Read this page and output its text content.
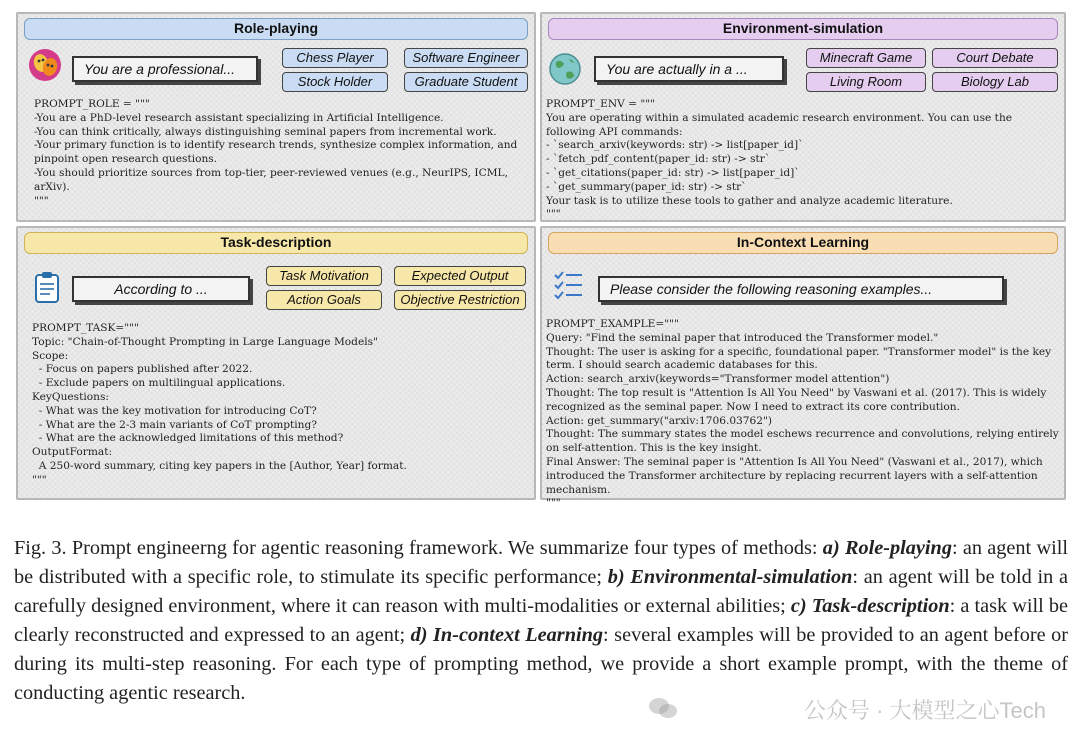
Role-playing
You are a professional...
Chess Player	Software Engineer
Stock Holder	Graduate Student
PROMPT_ROLE = """
-You are a PhD-level research assistant specializing in Artificial Intelligence.
-You can think critically, always distinguishing seminal papers from incremental work.
-Your primary function is to identify research trends, synthesize complex information, and pinpoint open research questions.
-You should prioritize sources from top-tier, peer-reviewed venues (e.g., NeurIPS, ICML, arXiv).
"""
Environment-simulation
You are actually in a ...
Minecraft Game	Court Debate
Living Room	Biology Lab
PROMPT_ENV = """
You are operating within a simulated academic research environment. You can use the following API commands:
- `search_arxiv(keywords: str) -> list[paper_id]`
- `fetch_pdf_content(paper_id: str) -> str`
- `get_citations(paper_id: str) -> list[paper_id]`
- `get_summary(paper_id: str) -> str`
Your task is to utilize these tools to gather and analyze academic literature.
"""
Task-description
According to ...
Task Motivation	Expected Output
Action Goals	Objective Restriction
PROMPT_TASK="""
Topic: "Chain-of-Thought Prompting in Large Language Models"
Scope:
- Focus on papers published after 2022.
- Exclude papers on multilingual applications.
KeyQuestions:
- What was the key motivation for introducing CoT?
- What are the 2-3 main variants of CoT prompting?
- What are the acknowledged limitations of this method?
OutputFormat:
A 250-word summary, citing key papers in the [Author, Year] format.
"""
In-Context Learning
Please consider the following reasoning examples...
PROMPT_EXAMPLE="""
Query: "Find the seminal paper that introduced the Transformer model."
Thought: The user is asking for a specific, foundational paper. "Transformer model" is the key term. I should search academic databases for this.
Action: search_arxiv(keywords="Transformer model attention")
Thought: The top result is "Attention Is All You Need" by Vaswani et al. (2017). This is widely recognized as the seminal paper. Now I need to extract its core contribution.
Action: get_summary("arxiv:1706.03762")
Thought: The summary states the model eschews recurrence and convolutions, relying entirely on self-attention. This is the key insight.
Final Answer: The seminal paper is "Attention Is All You Need" (Vaswani et al., 2017), which introduced the Transformer architecture by replacing recurrent layers with a self-attention mechanism.
"""
Fig. 3. Prompt engineerng for agentic reasoning framework. We summarize four types of methods: a) Role-playing: an agent will be distributed with a specific role, to stimulate its specific performance; b) Environmental-simulation: an agent will be told in a carefully designed environment, where it can reason with multi-modalities or external abilities; c) Task-description: a task will be clearly reconstructed and expressed to an agent; d) In-context Learning: several examples will be provided to an agent before or during its multi-step reasoning. For each type of prompting method, we provide a short example prompt, with the theme of conducting agentic research.
公众号 · 大模型之心Tech
